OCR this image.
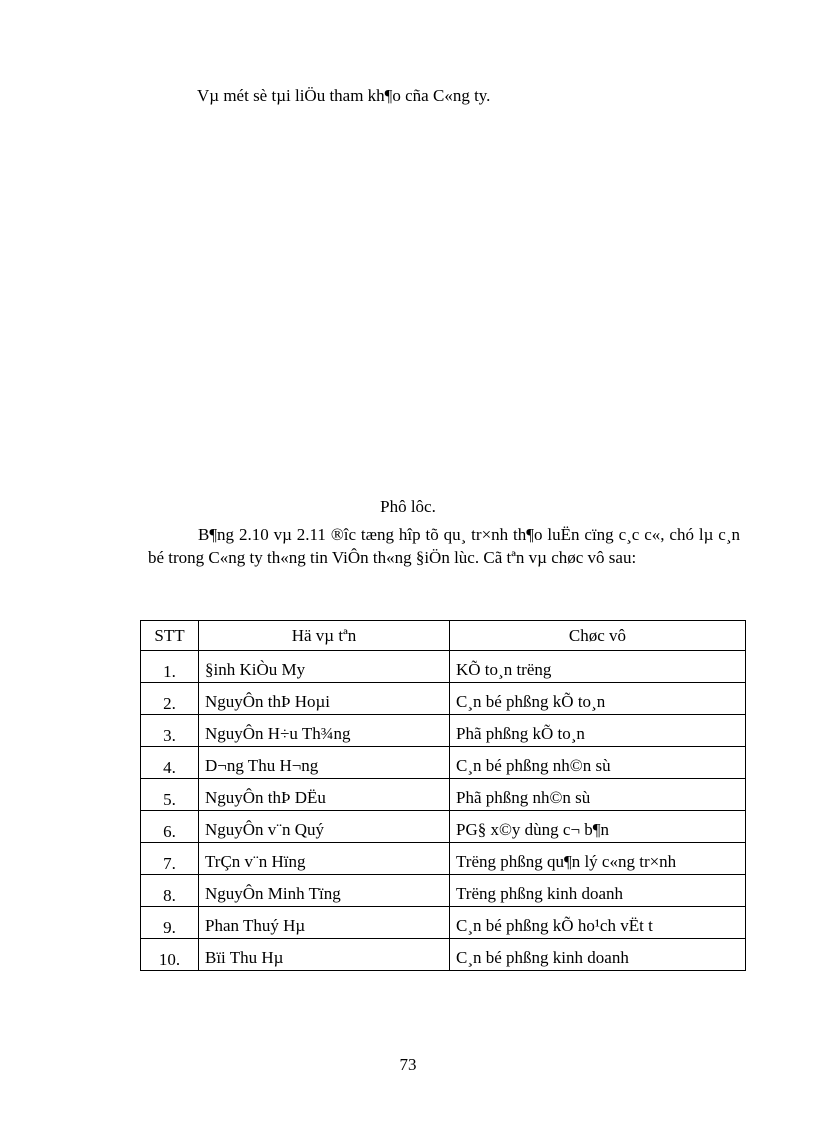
Vµ mét sè tµi liÖu tham kh¶o cña C«ng ty.
Phô lôc.

B¶ng 2.10 vµ 2.11 ®îc tæng hîp tõ qu¸ tr×nh th¶o luËn cïng c¸c c«, chó lµ c¸n bé trong C«ng ty th«ng tin ViÔn th«ng §iÖn lùc. Cã tªn vµ chøc vô sau:

STT	Hä vµ tªn	Chøc vô
1.	§inh KiÒu My	KÕ to¸n trëng
2.	NguyÔn thÞ Hoµi	C¸n bé phßng kÕ to¸n
3.	NguyÔn H÷u Th¾ng	Phã phßng kÕ to¸n
4.	D¬ng Thu H¬ng	C¸n bé phßng nh©n sù
5.	NguyÔn thÞ DËu	Phã phßng nh©n sù
6.	NguyÔn v¨n Quý	PG§ x©y dùng c¬ b¶n
7.	TrÇn v¨n Hïng	Trëng phßng qu¶n lý c«ng tr×nh
8.	NguyÔn Minh Tïng	Trëng phßng kinh doanh
9.	Phan Thuý Hµ	C¸n bé phßng kÕ ho¹ch vËt t
10.	Bïi Thu Hµ	C¸n bé phßng kinh doanh
73
